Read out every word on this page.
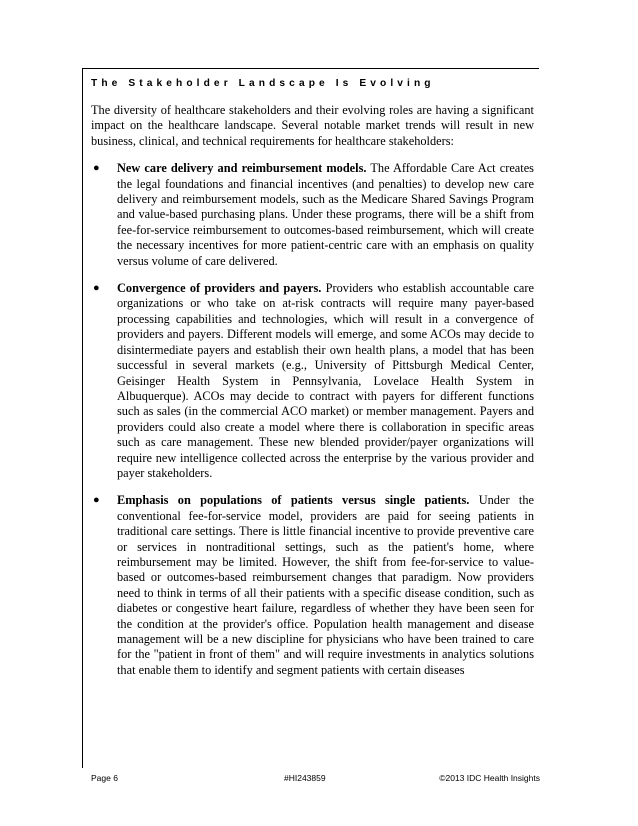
The Stakeholder Landscape Is Evolving

The diversity of healthcare stakeholders and their evolving roles are having a significant impact on the healthcare landscape. Several notable market trends will result in new business, clinical, and technical requirements for healthcare stakeholders:

● New care delivery and reimbursement models. The Affordable Care Act creates the legal foundations and financial incentives (and penalties) to develop new care delivery and reimbursement models, such as the Medicare Shared Savings Program and value-based purchasing plans. Under these programs, there will be a shift from fee-for-service reimbursement to outcomes-based reimbursement, which will create the necessary incentives for more patient-centric care with an emphasis on quality versus volume of care delivered.

● Convergence of providers and payers. Providers who establish accountable care organizations or who take on at-risk contracts will require many payer-based processing capabilities and technologies, which will result in a convergence of providers and payers. Different models will emerge, and some ACOs may decide to disintermediate payers and establish their own health plans, a model that has been successful in several markets (e.g., University of Pittsburgh Medical Center, Geisinger Health System in Pennsylvania, Lovelace Health System in Albuquerque). ACOs may decide to contract with payers for different functions such as sales (in the commercial ACO market) or member management. Payers and providers could also create a model where there is collaboration in specific areas such as care management. These new blended provider/payer organizations will require new intelligence collected across the enterprise by the various provider and payer stakeholders.

● Emphasis on populations of patients versus single patients. Under the conventional fee-for-service model, providers are paid for seeing patients in traditional care settings. There is little financial incentive to provide preventive care or services in nontraditional settings, such as the patient's home, where reimbursement may be limited. However, the shift from fee-for-service to value-based or outcomes-based reimbursement changes that paradigm. Now providers need to think in terms of all their patients with a specific disease condition, such as diabetes or congestive heart failure, regardless of whether they have been seen for the condition at the provider's office. Population health management and disease management will be a new discipline for physicians who have been trained to care for the "patient in front of them" and will require investments in analytics solutions that enable them to identify and segment patients with certain diseases

Page 6	#HI243859	©2013 IDC Health Insights
